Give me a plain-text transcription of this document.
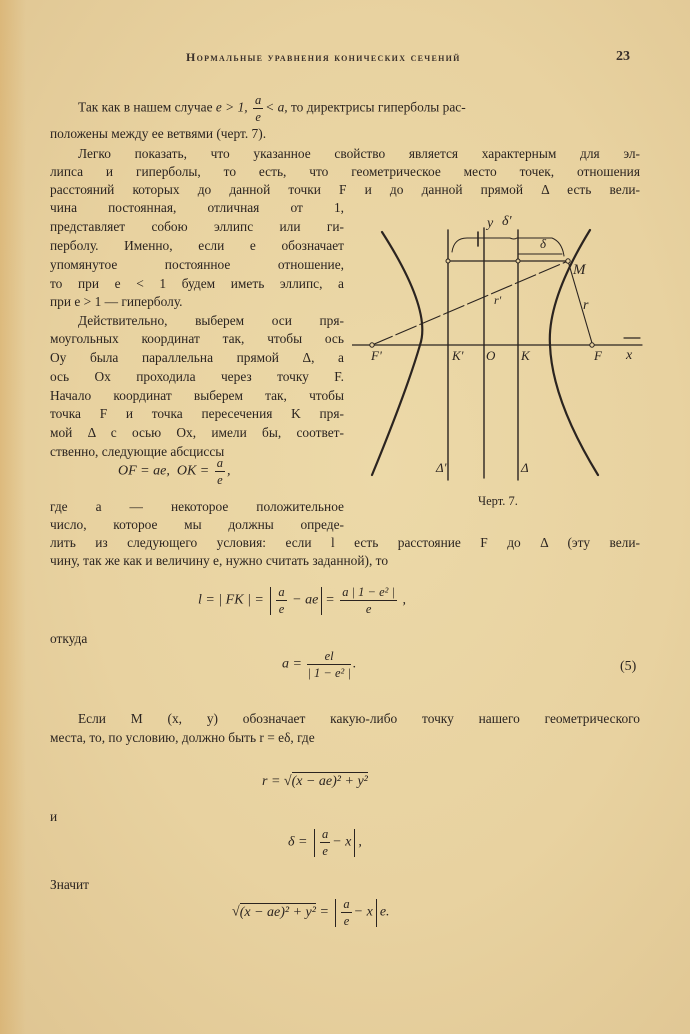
Нормальные уравнения конических сечений	23
Так как в нашем случае e > 1, $\frac{a}{e} < a$, то директрисы гиперболы рас-
положены между ее ветвями (черт. 7).
Легко показать, что указанное свойство является характерным для эл-
липса и гиперболы, то есть, что геометрическое место точек, отношения
расстояний которых до данной точки F и до данной прямой Δ есть вели-
чина постоянная, отличная от 1,
представляет собою эллипс или ги-
перболу. Именно, если e обозначает
упомянутое постоянное отношение,
то при e < 1 будем иметь эллипс, а
при e > 1 — гиперболу.
Действительно, выберем оси пря-
моугольных координат так, чтобы ось
Oy была параллельна прямой Δ, а
ось Ox проходила через точку F.
Начало координат выберем так, чтобы
точка F и точка пересечения K пря-
мой Δ с осью Ox, имели бы, соответ-
ственно, следующие абсциссы
OF = ae, OK = $\frac{a}{e}$ ,
где a — некоторое положительное
число, которое мы должны опреде-
лить из следующего условия: если l есть расстояние F до Δ (эту вели-
чину, так же как и величину e, нужно считать заданной), то
l = | FK | = $\frac{a}{e}$ − ae = $\frac{\text{a | 1 − e² |}}{e}$ ,
откуда
$a = \frac{el}{\text{| 1 − e² |}}$ .	(5)
Если M (x, y) обозначает какую-либо точку нашего геометрического
места, то, по условию, должно быть r = eδ, где
r = √(x − ae)² + y²
и
$\delta = \frac{a}{e} - x$ ,
Значит
$√(x - ae)^2 + y^2 = \frac{a}{e} - x$ e.
y δ'
δ
M
r'	r
F'	K' O K	F x
Δ'	Δ
Черт. 7.
